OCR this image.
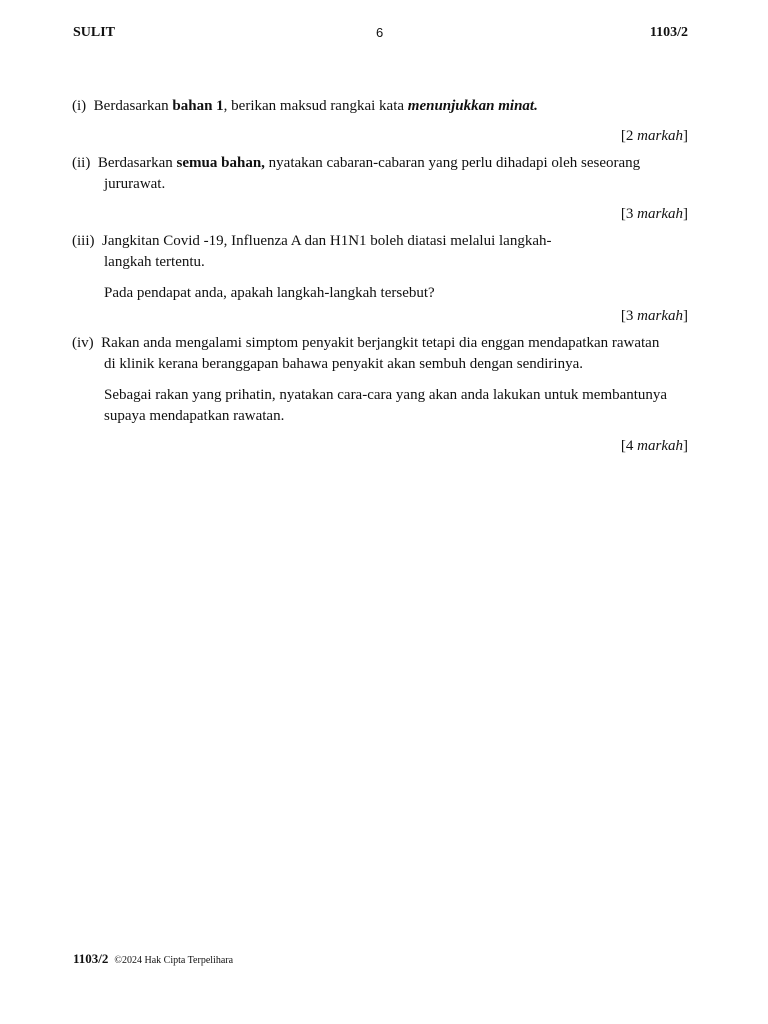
SULIT	6	1103/2
(i) Berdasarkan bahan 1, berikan maksud rangkai kata menunjukkan minat.
[2 markah]
(ii) Berdasarkan semua bahan, nyatakan cabaran-cabaran yang perlu dihadapi oleh seseorang
jururawat.
[3 markah]
(iii) Jangkitan Covid -19, Influenza A dan H1N1 boleh diatasi melalui langkah-
langkah tertentu.
Pada pendapat anda, apakah langkah-langkah tersebut?
[3 markah]
(iv) Rakan anda mengalami simptom penyakit berjangkit tetapi dia enggan mendapatkan rawatan
di klinik kerana beranggapan bahawa penyakit akan sembuh dengan sendirinya.
Sebagai rakan yang prihatin, nyatakan cara-cara yang akan anda lakukan untuk membantunya
supaya mendapatkan rawatan.
[4 markah]
1103/2 ©2024 Hak Cipta Terpelihara
